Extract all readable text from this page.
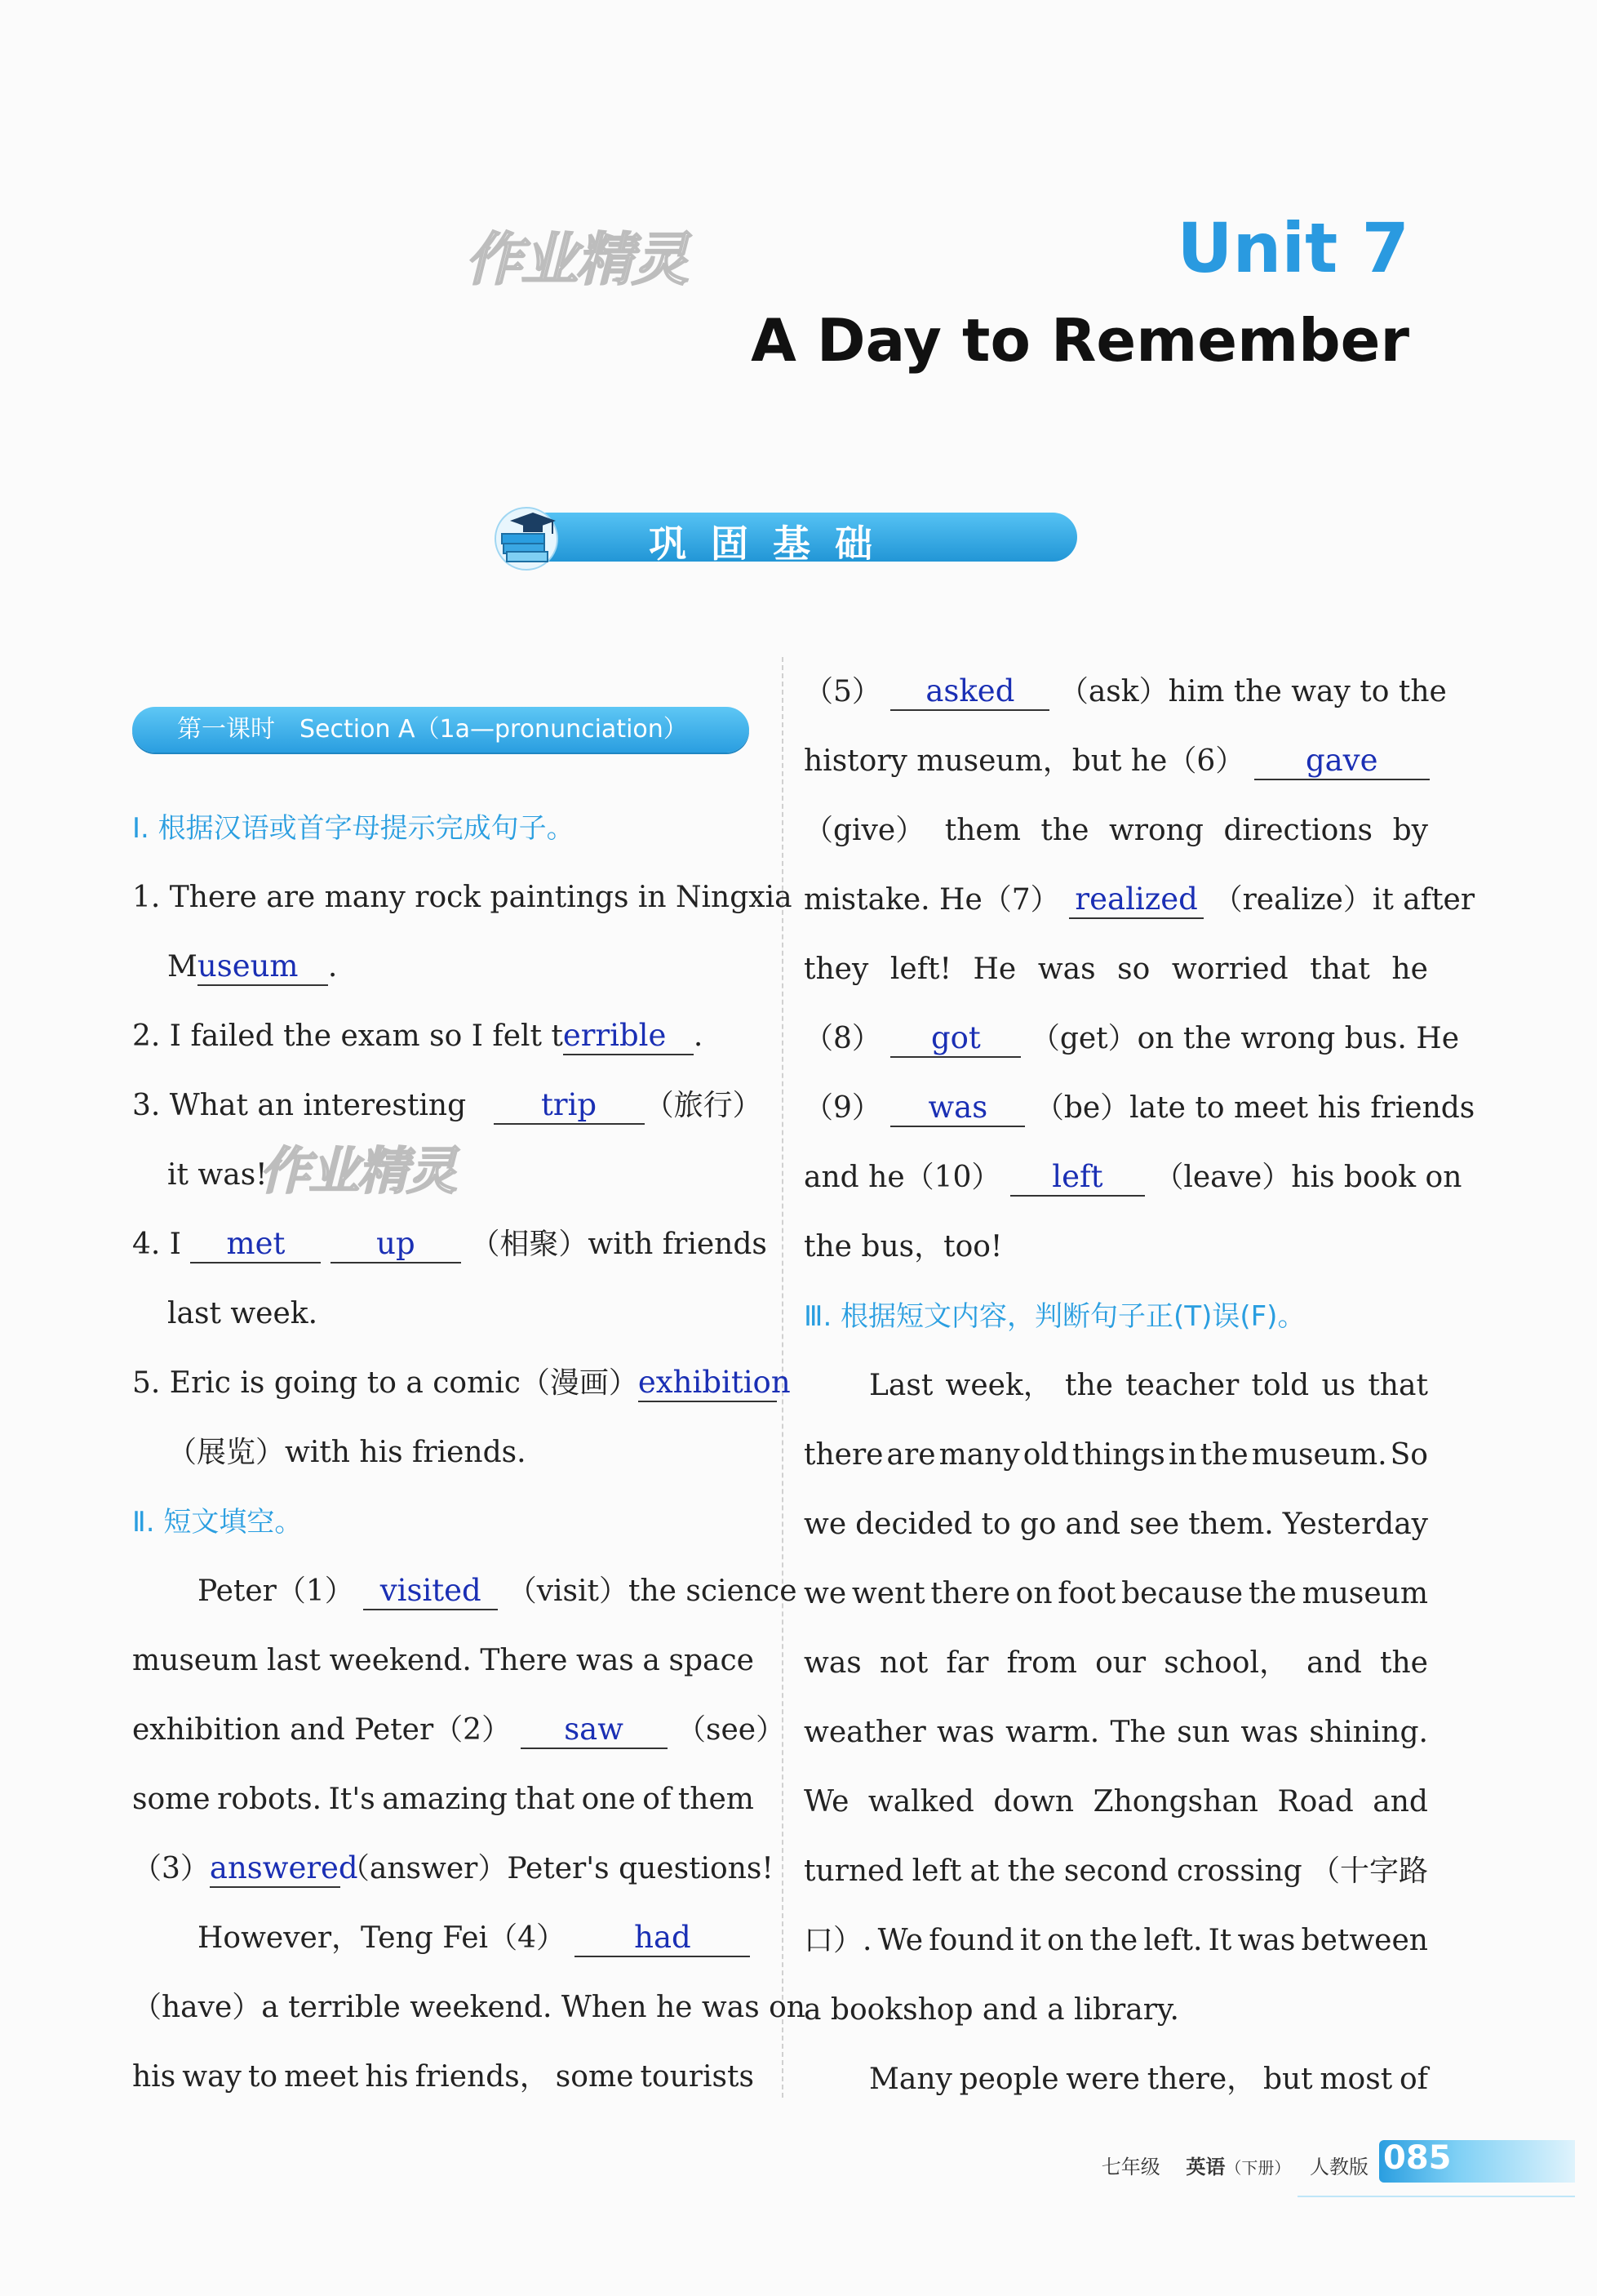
作业精灵
作业精灵
Unit 7
A Day to Remember
巩固基础
第一课时　Section A（1a—pronunciation）
Ⅰ. 根据汉语或首字母提示完成句子。
1. There are many rock paintings in Ningxia
Museum .
2. I failed the exam so I felt terrible .
3. What an interesting trip （旅行）
it was!
4. I met	up （相聚）with friends
last week.
5. Eric is going to a comic（漫画）exhibition
（展览）with his friends.
Ⅱ. 短文填空。
Peter（1） visited （visit）the science
museum last weekend. There was a space
exhibition and Peter（2） saw （see）
some robots. It's amazing that one of them
（3）answered（answer）Peter's questions!
However，Teng Fei（4） had
（have）a terrible weekend. When he was on
his way to meet his friends， some tourists
（5） asked （ask）him the way to the
history museum，but he（6） gave
（give） them the wrong directions by
mistake. He（7） realized （realize）it after
they left! He was so worried that he
（8） got （get）on the wrong bus. He
（9） was （be）late to meet his friends
and he（10） left （leave）his book on
the bus，too!
Ⅲ. 根据短文内容，判断句子正(T)误(F)。
Last week， the teacher told us that
there are many old things in the museum. So
we decided to go and see them. Yesterday
we went there on foot because the museum
was not far from our school， and the
weather was warm. The sun was shining.
We walked down Zhongshan Road and
turned left at the second crossing （十字路
口）. We found it on the left. It was between
a bookshop and a library.
Many people were there， but most of
085
七年级 英语（下册） 人教版
